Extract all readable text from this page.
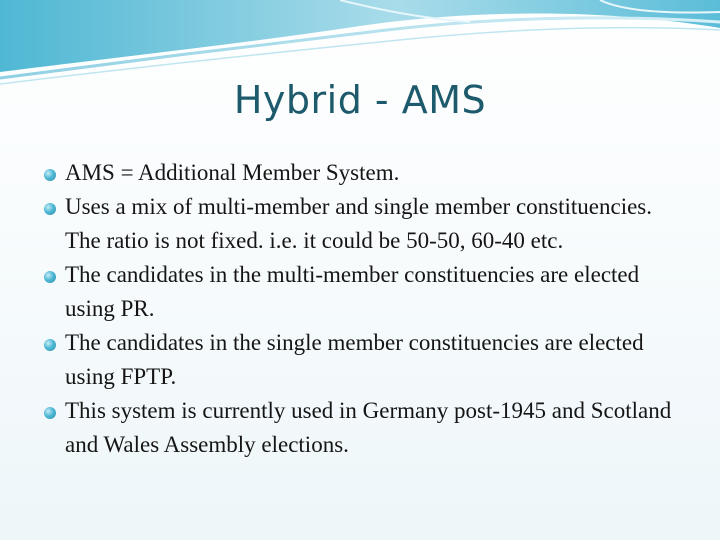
Hybrid - AMS
AMS = Additional Member System.
Uses a mix of multi-member and single member constituencies. The ratio is not fixed. i.e. it could be 50-50, 60-40 etc.
The candidates in the multi-member constituencies are elected using PR.
The candidates in the single member constituencies are elected using FPTP.
This system is currently used in Germany post-1945 and Scotland and Wales Assembly elections.
